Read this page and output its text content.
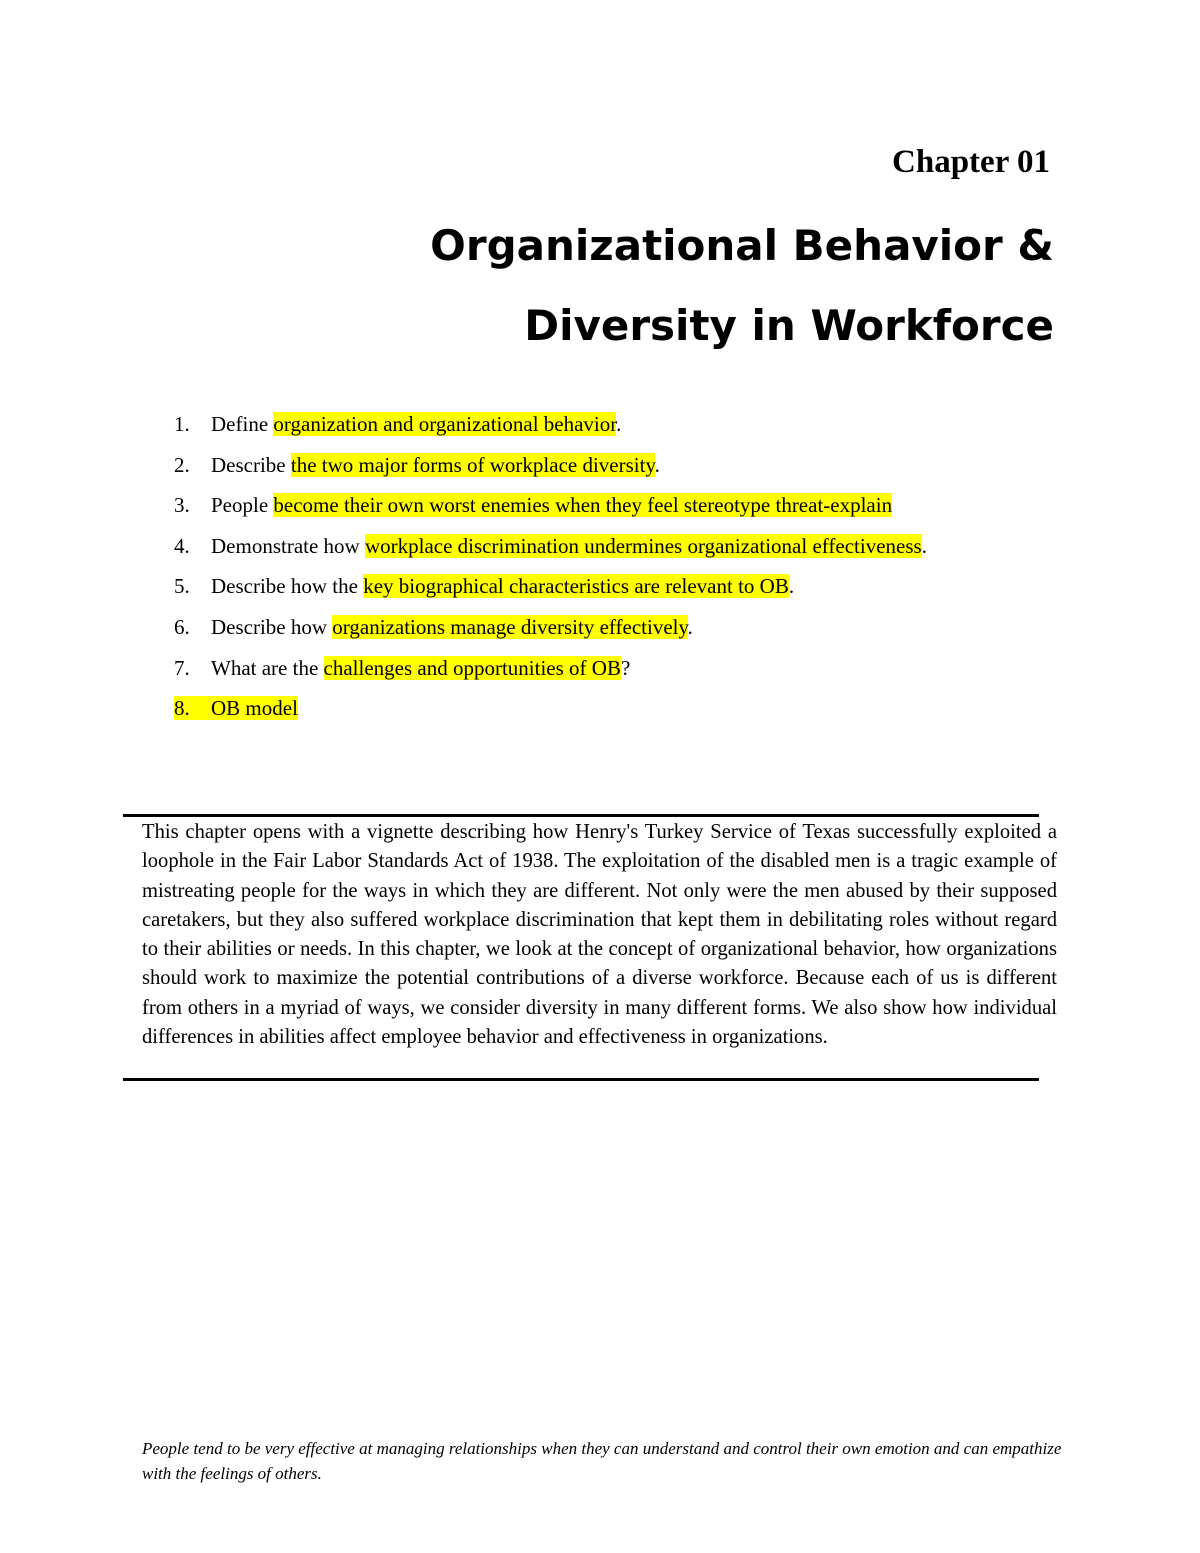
Chapter 01
Organizational Behavior &
Diversity in Workforce
1. Define organization and organizational behavior.
2. Describe the two major forms of workplace diversity.
3. People become their own worst enemies when they feel stereotype threat-explain
4. Demonstrate how workplace discrimination undermines organizational effectiveness.
5. Describe how the key biographical characteristics are relevant to OB.
6. Describe how organizations manage diversity effectively.
7. What are the challenges and opportunities of OB?
8. OB model

This chapter opens with a vignette describing how Henry's Turkey Service of Texas successfully exploited a loophole in the Fair Labor Standards Act of 1938. The exploitation of the disabled men is a tragic example of mistreating people for the ways in which they are different. Not only were the men abused by their supposed caretakers, but they also suffered workplace discrimination that kept them in debilitating roles without regard to their abilities or needs. In this chapter, we look at the concept of organizational behavior, how organizations should work to maximize the potential contributions of a diverse workforce. Because each of us is different from others in a myriad of ways, we consider diversity in many different forms. We also show how individual differences in abilities affect employee behavior and effectiveness in organizations.

People tend to be very effective at managing relationships when they can understand and control their own emotion and can empathize with the feelings of others.
